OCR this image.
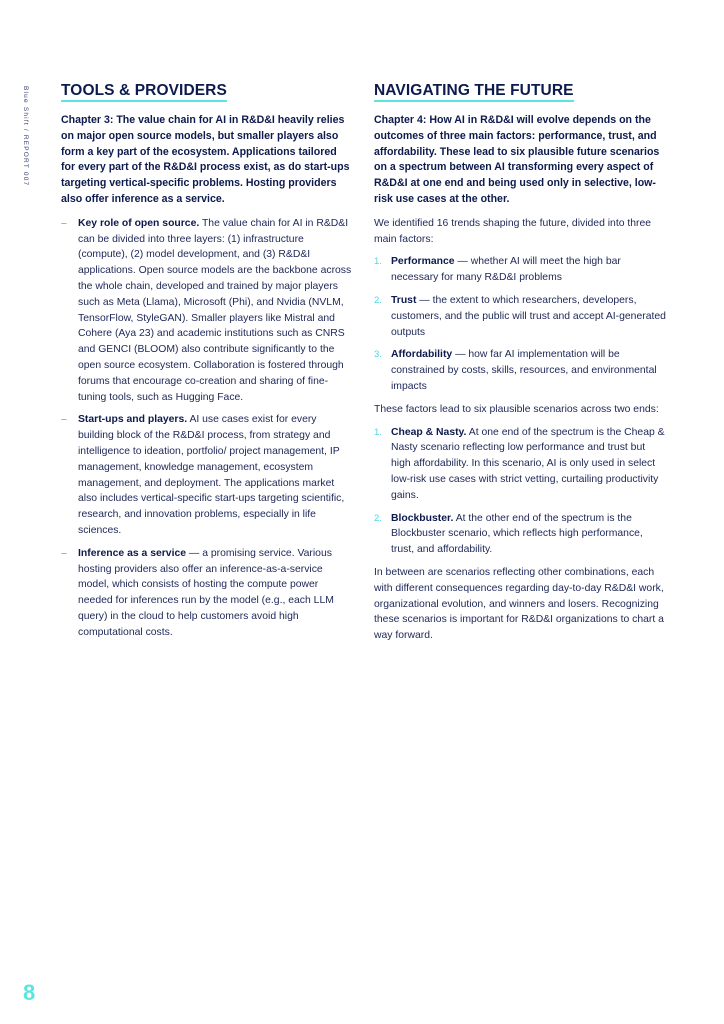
Blue Shift / REPORT 007 TOOLS & PROVIDERS

Chapter 3: The value chain for AI in R&D&I heavily relies on major open source models, but smaller players also form a key part of the ecosystem. Applications tailored for every part of the R&D&I process exist, as do start-ups targeting vertical-specific problems. Hosting providers also offer inference as a service.

– Key role of open source. The value chain for AI in R&D&I can be divided into three layers: (1) infrastructure (compute), (2) model development, and (3) R&D&I applications. Open source models are the backbone across the whole chain, developed and trained by major players such as Meta (Llama), Microsoft (Phi), and Nvidia (NVLM, TensorFlow, StyleGAN). Smaller players like Mistral and Cohere (Aya 23) and academic institutions such as CNRS and GENCI (BLOOM) also contribute significantly to the open source ecosystem. Collaboration is fostered through forums that encourage co-creation and sharing of fine-tuning tools, such as Hugging Face.
– Start-ups and players. AI use cases exist for every building block of the R&D&I process, from strategy and intelligence to ideation, portfolio/ project management, IP management, knowledge management, ecosystem management, and deployment. The applications market also includes vertical-specific start-ups targeting scientific, research, and innovation problems, especially in life sciences.
– Inference as a service — a promising service. Various hosting providers also offer an inference-as-a-service model, which consists of hosting the compute power needed for inferences run by the model (e.g., each LLM query) in the cloud to help customers avoid high computational costs.
NAVIGATING THE FUTURE

Chapter 4: How AI in R&D&I will evolve depends on the outcomes of three main factors: performance, trust, and affordability. These lead to six plausible future scenarios on a spectrum between AI transforming every aspect of R&D&I at one end and being used only in selective, low-risk use cases at the other.

We identified 16 trends shaping the future, divided into three main factors:

1. Performance — whether AI will meet the high bar necessary for many R&D&I problems
2. Trust — the extent to which researchers, developers, customers, and the public will trust and accept AI-generated outputs
3. Affordability — how far AI implementation will be constrained by costs, skills, resources, and environmental impacts

These factors lead to six plausible scenarios across two ends:

1. Cheap & Nasty. At one end of the spectrum is the Cheap & Nasty scenario reflecting low performance and trust but high affordability. In this scenario, AI is only used in select low-risk use cases with strict vetting, curtailing productivity gains.
2. Blockbuster. At the other end of the spectrum is the Blockbuster scenario, which reflects high performance, trust, and affordability.

In between are scenarios reflecting other combinations, each with different consequences regarding day-to-day R&D&I work, organizational evolution, and winners and losers. Recognizing these scenarios is important for R&D&I organizations to chart a way forward.

8
